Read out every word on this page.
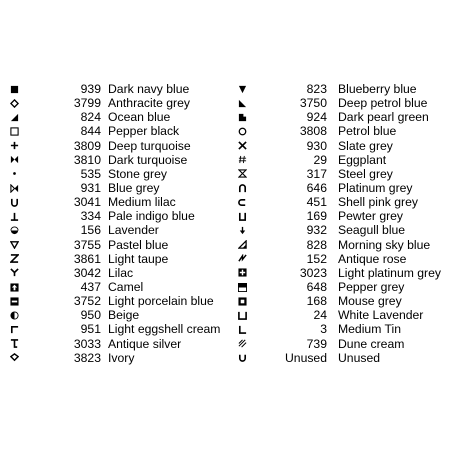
939 Dark navy blue
3799 Anthracite grey
824 Ocean blue
844 Pepper black
3809 Deep turquoise
3810 Dark turquoise
535 Stone grey
931 Blue grey
3041 Medium lilac
334 Pale indigo blue
156 Lavender
3755 Pastel blue
3861 Light taupe
3042 Lilac
437 Camel
3752 Light porcelain blue
950 Beige
951 Light eggshell cream
3033 Antique silver
3823 Ivory
823 Blueberry blue
3750 Deep petrol blue
924 Dark pearl green
3808 Petrol blue
930 Slate grey
29 Eggplant
317 Steel grey
646 Platinum grey
451 Shell pink grey
169 Pewter grey
932 Seagull blue
828 Morning sky blue
152 Antique rose
3023 Light platinum grey
648 Pepper grey
168 Mouse grey
24 White Lavender
3 Medium Tin
739 Dune cream
Unused Unused
